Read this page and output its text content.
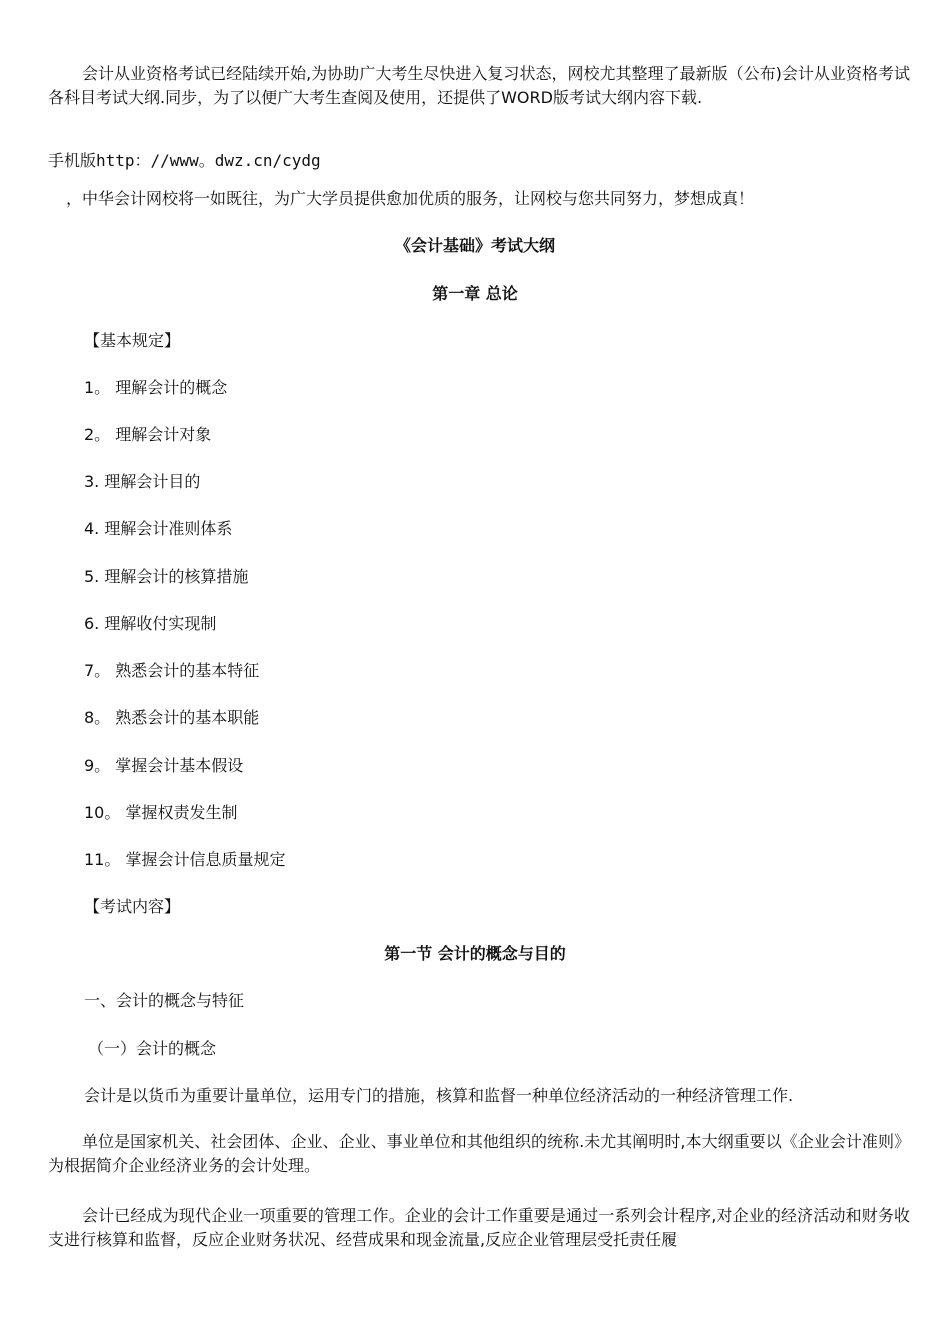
会计从业资格考试已经陆续开始,为协助广大考生尽快进入复习状态，网校尤其整理了最新版（公布)会计从业资格考试各科目考试大纲.同步，为了以便广大考生查阅及使用，还提供了WORD版考试大纲内容下载.
手机版http：//www。dwz.cn/cydg
，中华会计网校将一如既往，为广大学员提供愈加优质的服务，让网校与您共同努力，梦想成真！
《会计基础》考试大纲
第一章 总论
【基本规定】
1。 理解会计的概念
2。 理解会计对象
3. 理解会计目的
4. 理解会计准则体系
5. 理解会计的核算措施
6. 理解收付实现制
7。 熟悉会计的基本特征
8。 熟悉会计的基本职能
9。 掌握会计基本假设
10。 掌握权责发生制
11。 掌握会计信息质量规定
【考试内容】
第一节 会计的概念与目的
一、会计的概念与特征
（一）会计的概念
会计是以货币为重要计量单位，运用专门的措施，核算和监督一种单位经济活动的一种经济管理工作.
单位是国家机关、社会团体、企业、企业、事业单位和其他组织的统称.未尤其阐明时,本大纲重要以《企业会计准则》为根据简介企业经济业务的会计处理。
会计已经成为现代企业一项重要的管理工作。企业的会计工作重要是通过一系列会计程序,对企业的经济活动和财务收支进行核算和监督，反应企业财务状况、经营成果和现金流量,反应企业管理层受托责任履
